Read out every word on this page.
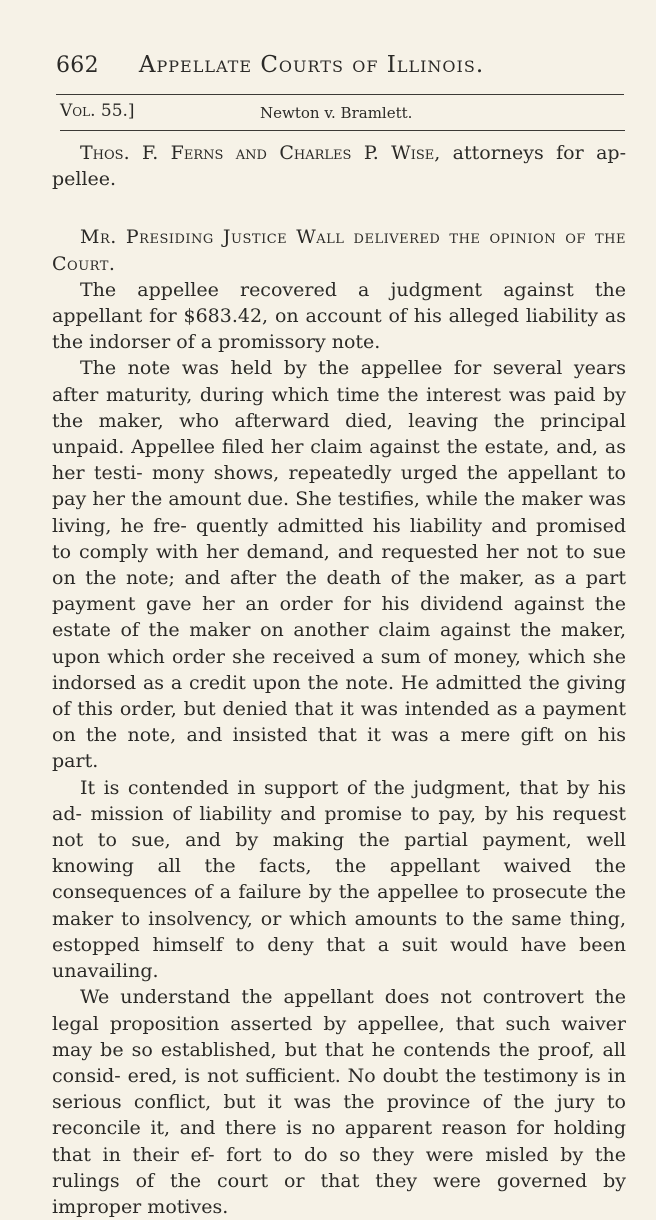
662 Appellate Courts of Illinois.
Vol. 55.]	Newton v. Bramlett.

Thos. F. Ferns and Charles P. Wise, attorneys for ap- pellee.

Mr. Presiding Justice Wall delivered the opinion of the Court.

The appellee recovered a judgment against the appellant for $683.42, on account of his alleged liability as the indorser of a promissory note.

The note was held by the appellee for several years after maturity, during which time the interest was paid by the maker, who afterward died, leaving the principal unpaid. Appellee filed her claim against the estate, and, as her testi- mony shows, repeatedly urged the appellant to pay her the amount due. She testifies, while the maker was living, he fre- quently admitted his liability and promised to comply with her demand, and requested her not to sue on the note; and after the death of the maker, as a part payment gave her an order for his dividend against the estate of the maker on another claim against the maker, upon which order she received a sum of money, which she indorsed as a credit upon the note. He admitted the giving of this order, but denied that it was intended as a payment on the note, and insisted that it was a mere gift on his part.

It is contended in support of the judgment, that by his ad- mission of liability and promise to pay, by his request not to sue, and by making the partial payment, well knowing all the facts, the appellant waived the consequences of a failure by the appellee to prosecute the maker to insolvency, or which amounts to the same thing, estopped himself to deny that a suit would have been unavailing.

We understand the appellant does not controvert the legal proposition asserted by appellee, that such waiver may be so established, but that he contends the proof, all consid- ered, is not sufficient. No doubt the testimony is in serious conflict, but it was the province of the jury to reconcile it, and there is no apparent reason for holding that in their ef- fort to do so they were misled by the rulings of the court or that they were governed by improper motives.
